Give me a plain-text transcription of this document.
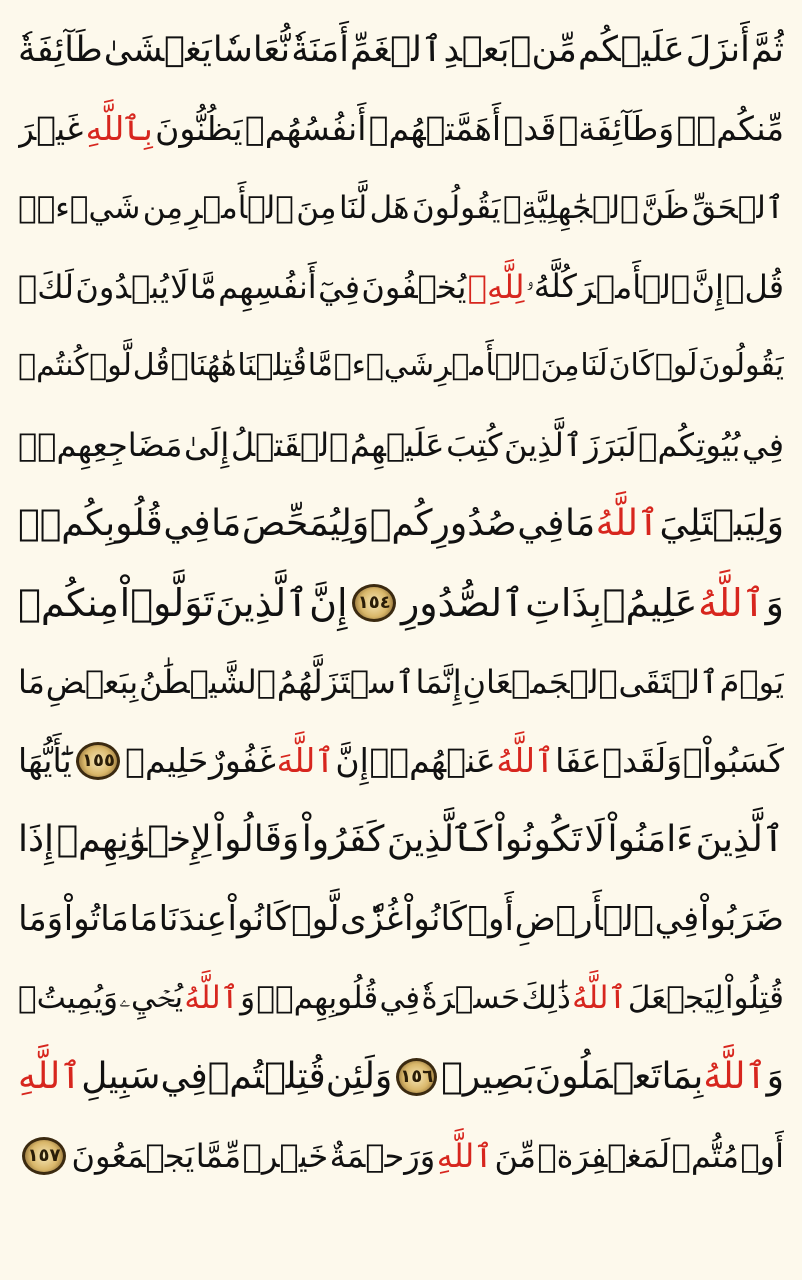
ثُمَّ
أَنزَلَ
عَلَيۡكُم
مِّنۢ
بَعۡدِ
ٱلۡغَمِّ
أَمَنَةٗ
نُّعَاسٗا
يَغۡشَىٰ
طَآئِفَةٗ
مِّنكُمۡۖ
وَطَآئِفَةٞ
قَدۡ
أَهَمَّتۡهُمۡ
أَنفُسُهُمۡ
يَظُنُّونَ
بِٱللَّهِ
غَيۡرَ
ٱلۡحَقِّ
ظَنَّ
ٱلۡجَٰهِلِيَّةِۖ
يَقُولُونَ
هَل
لَّنَا
مِنَ
ٱلۡأَمۡرِ
مِن
شَيۡءٖۗ
قُلۡ
إِنَّ
ٱلۡأَمۡرَ
كُلَّهُۥ
لِلَّهِۗ
يُخۡفُونَ
فِيٓ
أَنفُسِهِم
مَّا
لَا
يُبۡدُونَ
لَكَۖ
يَقُولُونَ
لَوۡ
كَانَ
لَنَا
مِنَ
ٱلۡأَمۡرِ
شَيۡءٞ
مَّا
قُتِلۡنَا
هَٰهُنَاۗ
قُل
لَّوۡ
كُنتُمۡ
فِي
بُيُوتِكُمۡ
لَبَرَزَ
ٱلَّذِينَ
كُتِبَ
عَلَيۡهِمُ
ٱلۡقَتۡلُ
إِلَىٰ
مَضَاجِعِهِمۡۖ
وَلِيَبۡتَلِيَ
ٱللَّهُ
مَا
فِي
صُدُورِكُمۡ
وَلِيُمَحِّصَ
مَا
فِي
قُلُوبِكُمۡۚ
وَ
ٱللَّهُ
عَلِيمُۢ
بِذَاتِ
ٱلصُّدُورِ
١٥٤
إِنَّ
ٱلَّذِينَ
تَوَلَّوۡاْ
مِنكُمۡ
يَوۡمَ
ٱلۡتَقَى
ٱلۡجَمۡعَانِ
إِنَّمَا
ٱسۡتَزَلَّهُمُ
ٱلشَّيۡطَٰنُ
بِبَعۡضِ
مَا
كَسَبُواْۖ
وَلَقَدۡ
عَفَا
ٱللَّهُ
عَنۡهُمۡۗ
إِنَّ
ٱللَّهَ
غَفُورٌ
حَلِيمٞ
١٥٥
يَٰٓأَيُّهَا
ٱلَّذِينَ
ءَامَنُواْ
لَا
تَكُونُواْ
كَٱلَّذِينَ
كَفَرُواْ
وَقَالُواْ
لِإِخۡوَٰنِهِمۡ
إِذَا
ضَرَبُواْ
فِي
ٱلۡأَرۡضِ
أَوۡ
كَانُواْ
غُزّٗى
لَّوۡ
كَانُواْ
عِندَنَا
مَا
مَاتُواْ
وَمَا
قُتِلُواْ
لِيَجۡعَلَ
ٱللَّهُ
ذَٰلِكَ
حَسۡرَةٗ
فِي
قُلُوبِهِمۡۗ
وَ
ٱللَّهُ
يُحۡيِۦ
وَيُمِيتُۗ
وَ
ٱللَّهُ
بِمَا
تَعۡمَلُونَ
بَصِيرٞ
١٥٦
وَلَئِن
قُتِلۡتُمۡ
فِي
سَبِيلِ
ٱللَّهِ
أَوۡ
مُتُّمۡ
لَمَغۡفِرَةٞ
مِّنَ
ٱللَّهِ
وَرَحۡمَةٌ
خَيۡرٞ
مِّمَّا
يَجۡمَعُونَ
١٥٧
